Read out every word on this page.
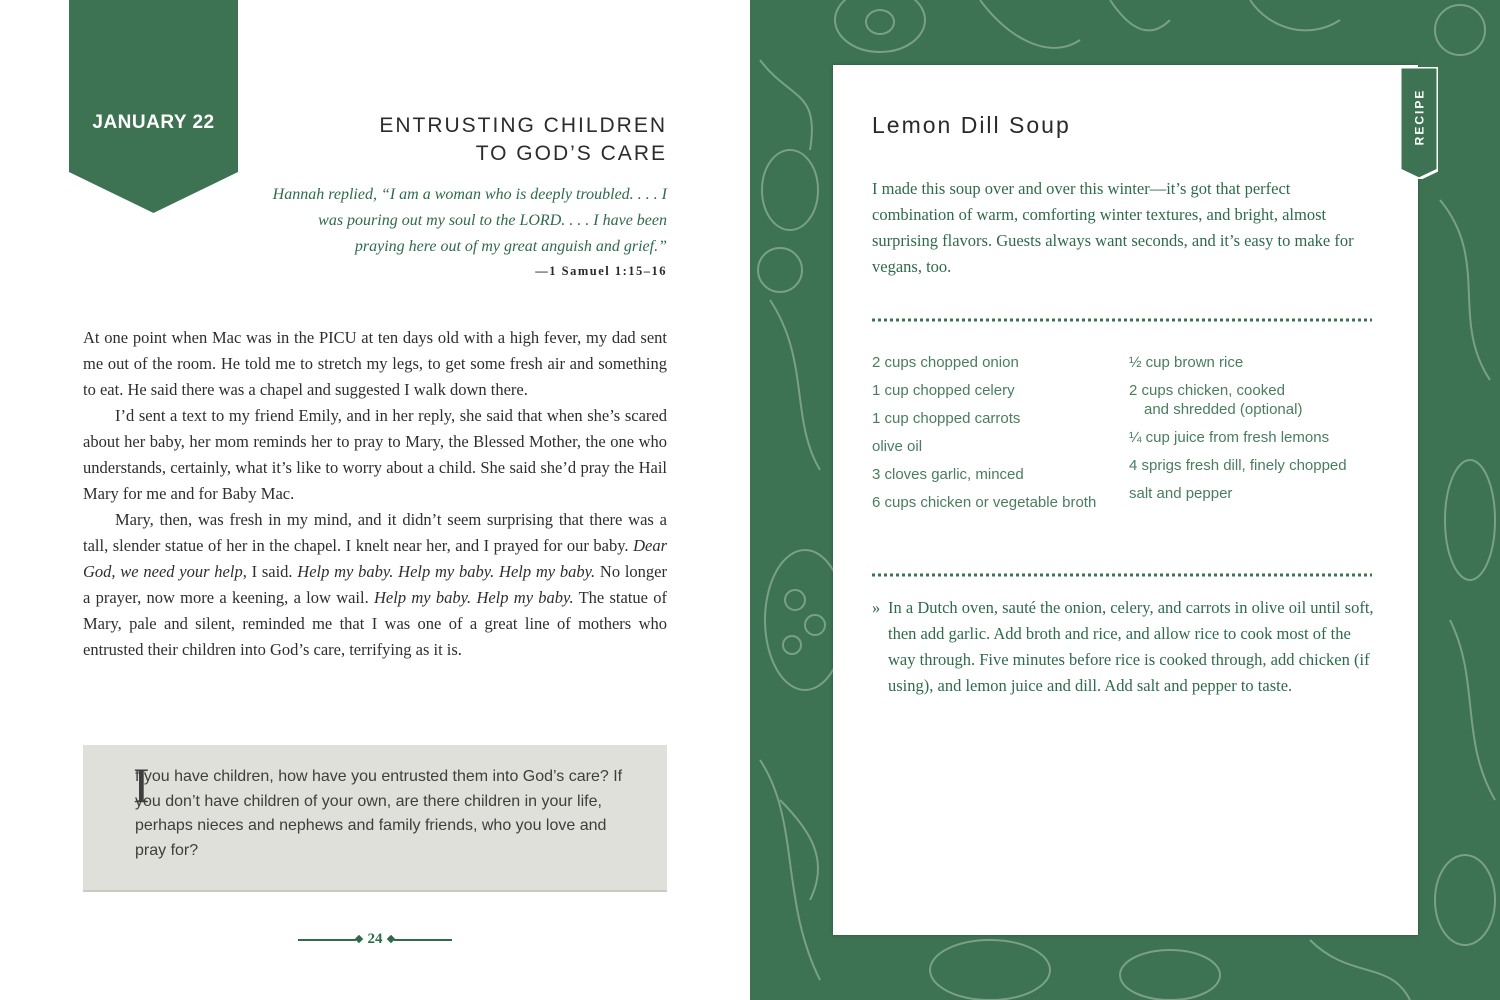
JANUARY 22	ENTRUSTING CHILDREN
TO GOD’S CARE
Hannah replied, “I am a woman who is deeply troubled. . . . I
was pouring out my soul to the LORD. . . . I have been
praying here out of my great anguish and grief.”
—1 Samuel 1:15–16

At one point when Mac was in the PICU at ten days old with a high fever, my dad sent me out of the room. He told me to stretch my legs, to get some fresh air and something to eat. He said there was a chapel and suggested I walk down there.

I’d sent a text to my friend Emily, and in her reply, she said that when she’s scared about her baby, her mom reminds her to pray to Mary, the Blessed Mother, the one who understands, certainly, what it’s like to worry about a child. She said she’d pray the Hail Mary for me and for Baby Mac.

Mary, then, was fresh in my mind, and it didn’t seem surprising that there was a tall, slender statue of her in the chapel. I knelt near her, and I prayed for our baby. Dear God, we need your help, I said. Help my baby. Help my baby. Help my baby. No longer a prayer, now more a keening, a low wail. Help my baby. Help my baby. The statue of Mary, pale and silent, reminded me that I was one of a great line of mothers who entrusted their children into God’s care, terrifying as it is.

f you have children, how have you entrusted them into God’s care? If you don’t have children of your own, are there children in your life, perhaps nieces and nephews and family friends, who you love and pray for?
I
24
Lemon Dill Soup
I made this soup over and over this winter—it’s got that perfect combination of warm, comforting winter textures, and bright, almost surprising flavors. Guests always want seconds, and it’s easy to make for vegans, too.
2 cups chopped onion
1 cup chopped celery
1 cup chopped carrots
olive oil
3 cloves garlic, minced
6 cups chicken or vegetable broth
½ cup brown rice
2 cups chicken, cooked
and shredded (optional)
¼ cup juice from fresh lemons
4 sprigs fresh dill, finely chopped
salt and pepper
» In a Dutch oven, sauté the onion, celery, and carrots in olive oil until soft, then add garlic. Add broth and rice, and allow rice to cook most of the way through. Five minutes before rice is cooked through, add chicken (if using), and lemon juice and dill. Add salt and pepper to taste.
RECIPE
